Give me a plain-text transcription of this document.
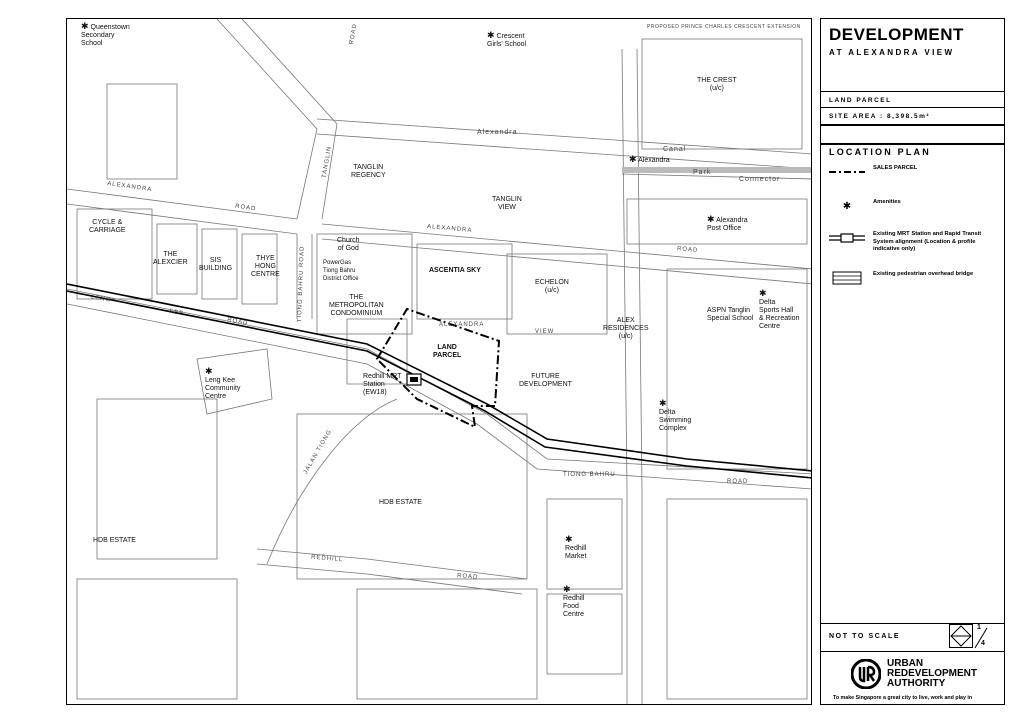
✱ Queenstown
Secondary
School
✱ Crescent
Girls' School
✱ Alexandra
✱ Alexandra
Post Office
Church
of God
ASPN Tanglin
Special School
✱
Delta
Sports Hall
& Recreation
Centre
✱
Leng Kee
Community
Centre
Redhill MRT
Station
(EW18)
✱
Delta
Swimming
Complex
✱
Redhill
Market
✱
Redhill
Food
Centre
THE CREST
(u/c)
TANGLIN
REGENCY
TANGLIN
VIEW
CYCLE &
CARRIAGE
THE
ALEXCIER	SIS
BUILDING
THYE
HONG
CENTRE
PowerGas
Tiong Bahru
District Office
THE
METROPOLITAN
CONDOMINIUM
ASCENTIA SKY
ECHELON
(u/c)
ALEX
RESIDENCES
(u/c)
LAND
PARCEL
FUTURE
DEVELOPMENT
HDB ESTATE
HDB ESTATE
Alexandra
Canal
Park
Connector
ALEXANDRA
ROAD
ALEXANDRA
ROAD
TANGLIN
ROAD
LENG
KEE
ROAD	TIONG BAHRU ROAD
TIONG BAHRU
ROAD
REDHILL
ROAD
JALAN TIONG
ALEXANDRA
VIEW
PROPOSED PRINCE CHARLES CRESCENT EXTENSION DEVELOPMENT
AT ALEXANDRA VIEW
LAND PARCEL
SITE AREA : 8,398.5m²
LOCATION PLAN
SALES PARCEL
✱	Amenities
Existing MRT Station and Rapid Transit System alignment (Location & profile indicative only)
Existing pedestrian overhead bridge
NOT TO SCALE
1
4
URBAN
REDEVELOPMENT
AUTHORITY
To make Singapore a great city to live, work and play in
